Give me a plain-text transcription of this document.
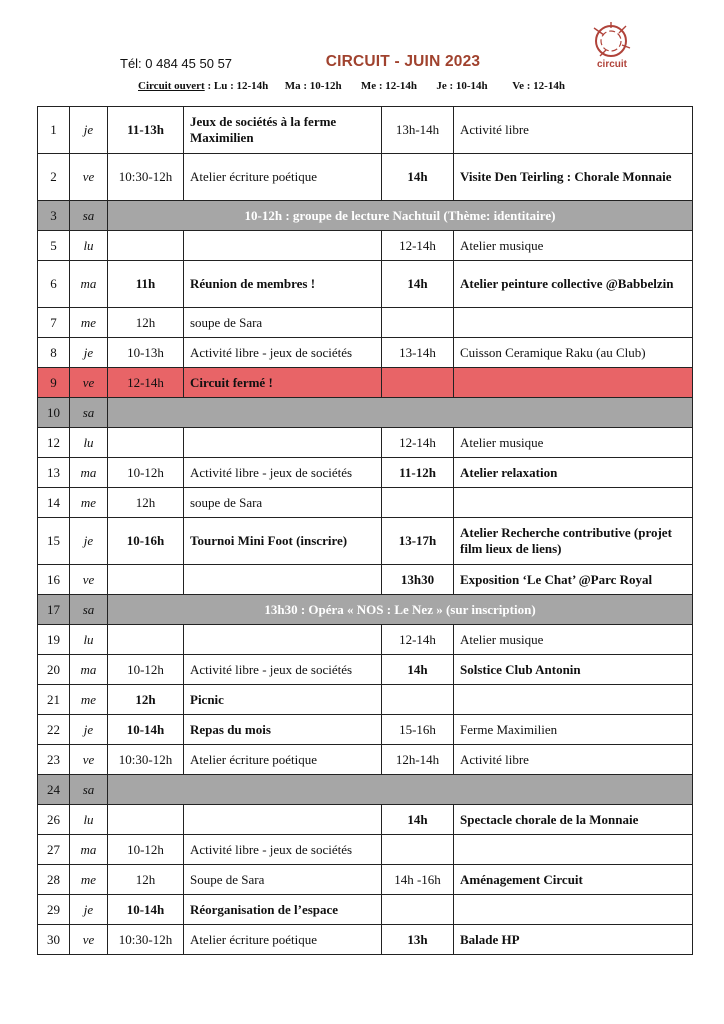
Tél: 0 484 45 50 57	CIRCUIT - JUIN 2023	circuit
Circuit ouvert : Lu : 12-14h Ma : 10-12h Me : 12-14h Je : 10-14h Ve : 12-14h
1	je	11-13h	Jeux de sociétés à la ferme Maximilien	13h-14h	Activité libre
2	ve	10:30-12h	Atelier écriture poétique	14h	Visite Den Teirling : Chorale Monnaie
3	sa	10-12h : groupe de lecture Nachtuil (Thème: identitaire)			
5	lu			12-14h	Atelier musique
6	ma	11h	Réunion de membres !	14h	Atelier peinture collective @Babbelzin
7	me	12h	soupe de Sara		
8	je	10-13h	Activité libre - jeux de sociétés	13-14h	Cuisson Ceramique Raku (au Club)
9	ve	12-14h	Circuit fermé !		
10	sa				
12	lu			12-14h	Atelier musique
13	ma	10-12h	Activité libre - jeux de sociétés	11-12h	Atelier relaxation
14	me	12h	soupe de Sara		
15	je	10-16h	Tournoi Mini Foot (inscrire)	13-17h	Atelier Recherche contributive (projet film lieux de liens)
16	ve			13h30	Exposition ‘Le Chat’ @Parc Royal
17	sa	13h30 : Opéra « NOS : Le Nez » (sur inscription)			
19	lu			12-14h	Atelier musique
20	ma	10-12h	Activité libre - jeux de sociétés	14h	Solstice Club Antonin
21	me	12h	Picnic		
22	je	10-14h	Repas du mois	15-16h	Ferme Maximilien
23	ve	10:30-12h	Atelier écriture poétique	12h-14h	Activité libre
24	sa				
26	lu			14h	Spectacle chorale de la Monnaie
27	ma	10-12h	Activité libre - jeux de sociétés		
28	me	12h	Soupe de Sara	14h -16h	Aménagement Circuit
29	je	10-14h	Réorganisation de l’espace		
30	ve	10:30-12h	Atelier écriture poétique	13h	Balade HP
